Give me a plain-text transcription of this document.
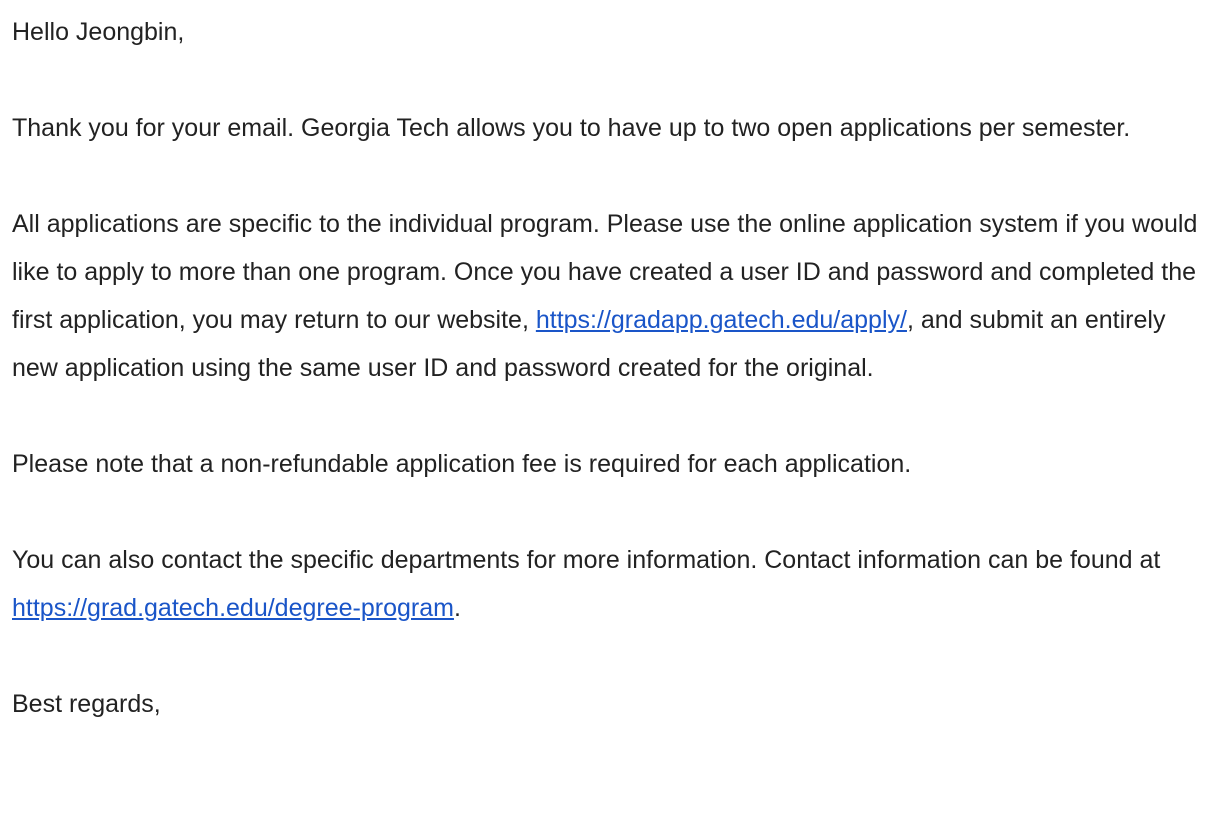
Hello Jeongbin,

Thank you for your email. Georgia Tech allows you to have up to two open applications per semester.

All applications are specific to the individual program. Please use the online application system if you would like to apply to more than one program. Once you have created a user ID and password and completed the first application, you may return to our website, https://gradapp.gatech.edu/apply/, and submit an entirely new application using the same user ID and password created for the original.

Please note that a non-refundable application fee is required for each application.

You can also contact the specific departments for more information. Contact information can be found at https://grad.gatech.edu/degree-program.

Best regards,
